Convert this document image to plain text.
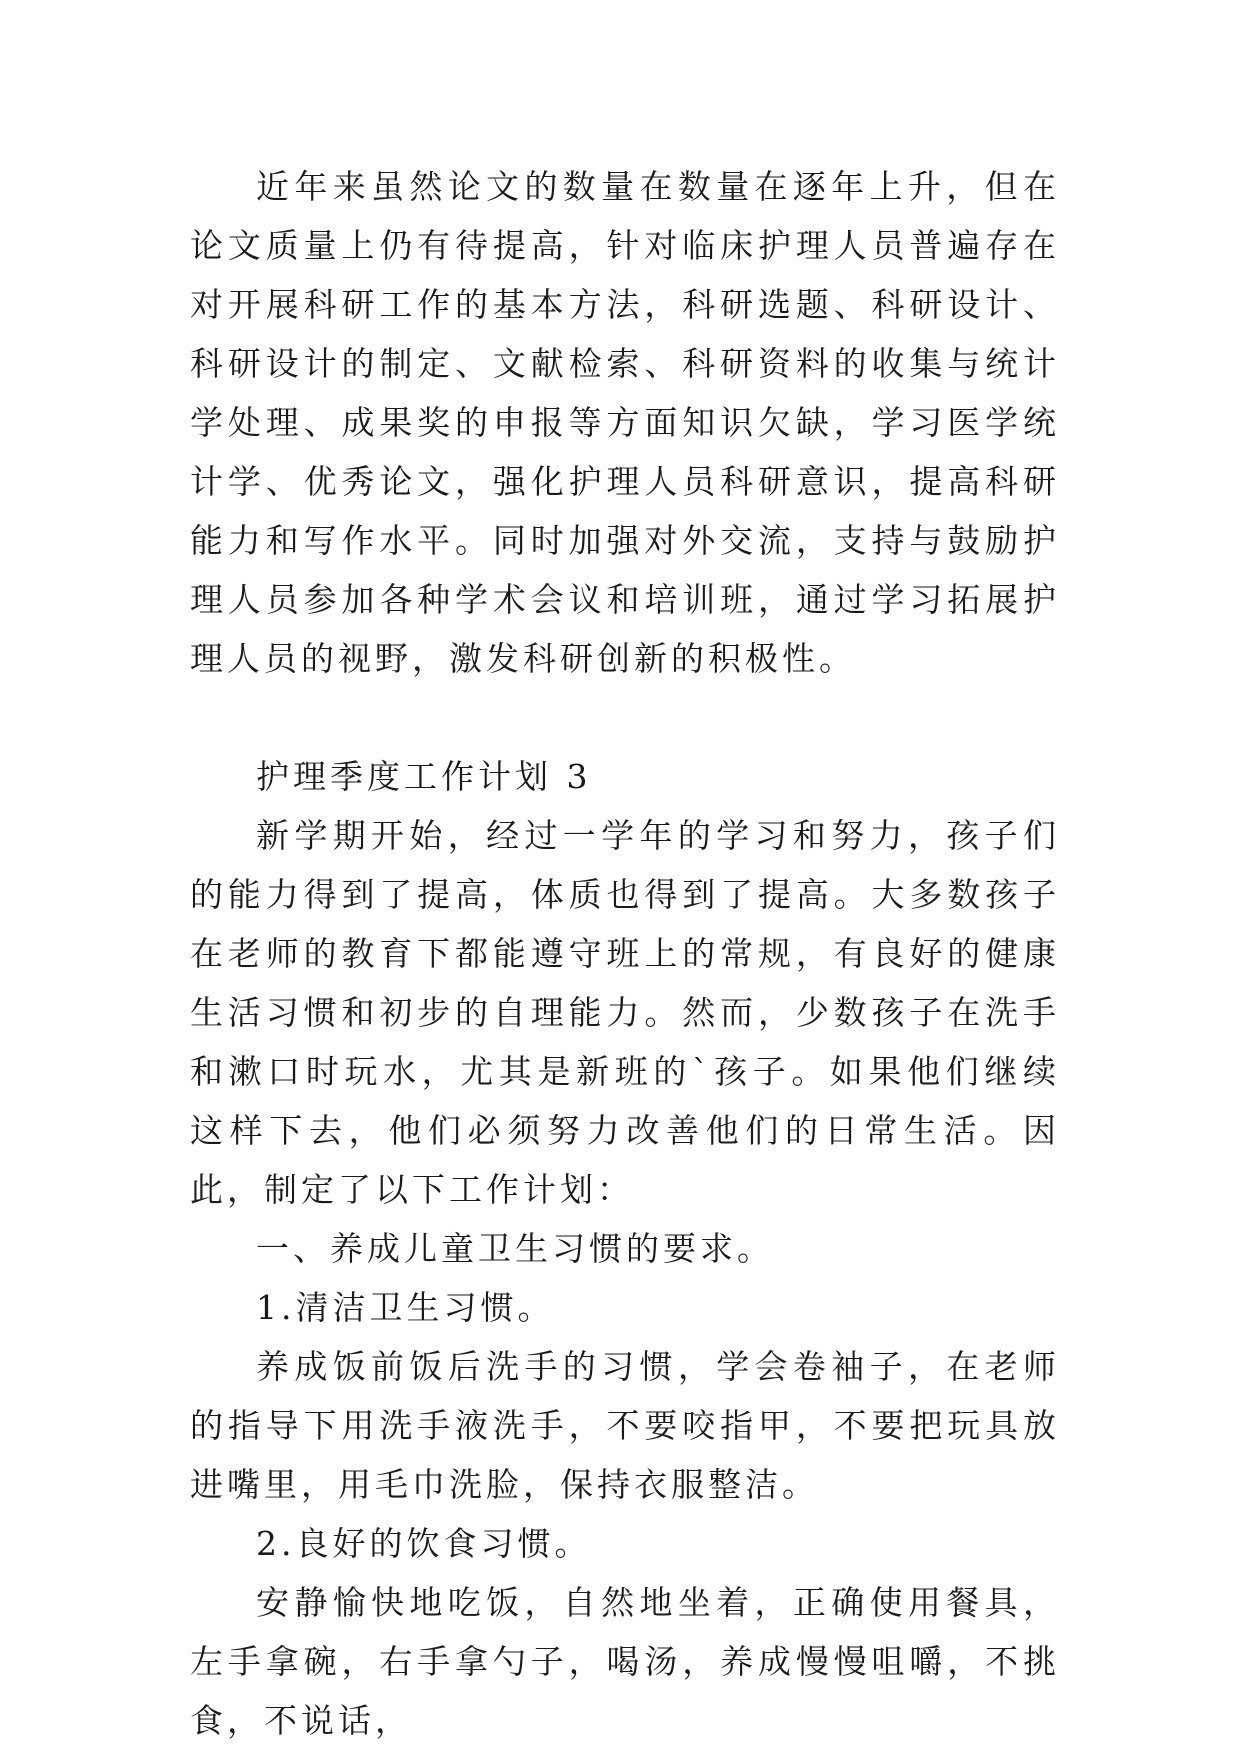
近年来虽然论文的数量在数量在逐年上升，但在论文质量上仍有待提高，针对临床护理人员普遍存在对开展科研工作的基本方法，科研选题、科研设计、科研设计的制定、文献检索、科研资料的收集与统计学处理、成果奖的申报等方面知识欠缺，学习医学统计学、优秀论文，强化护理人员科研意识，提高科研能力和写作水平。同时加强对外交流，支持与鼓励护理人员参加各种学术会议和培训班，通过学习拓展护理人员的视野，激发科研创新的积极性。

护理季度工作计划 3

新学期开始，经过一学年的学习和努力，孩子们的能力得到了提高，体质也得到了提高。大多数孩子在老师的教育下都能遵守班上的常规，有良好的健康生活习惯和初步的自理能力。然而，少数孩子在洗手和漱口时玩水，尤其是新班的`孩子。如果他们继续这样下去，他们必须努力改善他们的日常生活。因此，制定了以下工作计划：

一、养成儿童卫生习惯的要求。

1.清洁卫生习惯。

养成饭前饭后洗手的习惯，学会卷袖子，在老师的指导下用洗手液洗手，不要咬指甲，不要把玩具放进嘴里，用毛巾洗脸，保持衣服整洁。

2.良好的饮食习惯。

安静愉快地吃饭，自然地坐着，正确使用餐具，左手拿碗，右手拿勺子，喝汤，养成慢慢咀嚼，不挑食，不说话，
